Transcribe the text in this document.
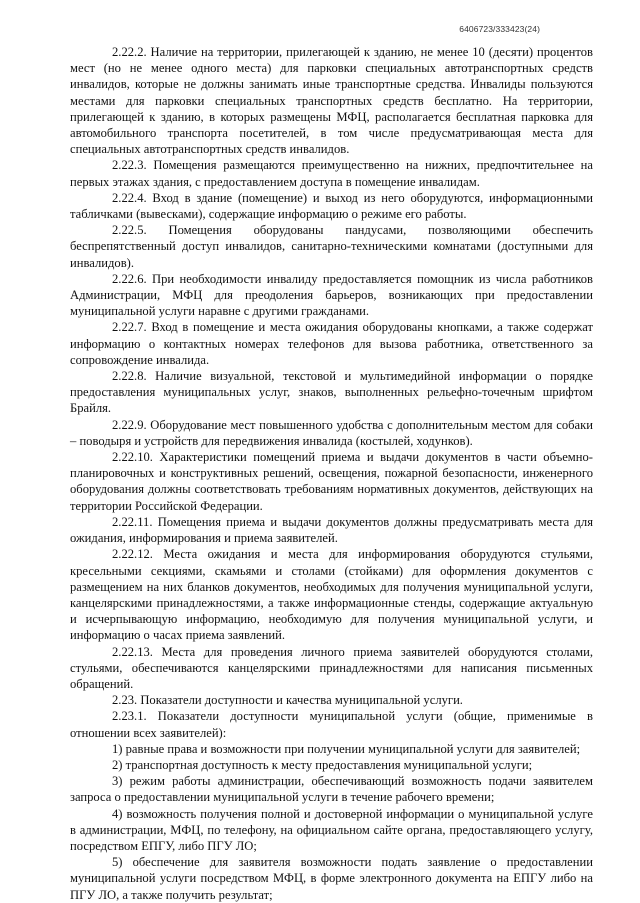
6406723/333423(24)

2.22.2. Наличие на территории, прилегающей к зданию, не менее 10 (десяти) процентов мест (но не менее одного места) для парковки специальных автотранспортных средств инвалидов, которые не должны занимать иные транспортные средства. Инвалиды пользуются местами для парковки специальных транспортных средств бесплатно. На территории, прилегающей к зданию, в которых размещены МФЦ, располагается бесплатная парковка для автомобильного транспорта посетителей, в том числе предусматривающая места для специальных автотранспортных средств инвалидов.

2.22.3. Помещения размещаются преимущественно на нижних, предпочтительнее на первых этажах здания, с предоставлением доступа в помещение инвалидам.

2.22.4. Вход в здание (помещение) и выход из него оборудуются, информационными табличками (вывесками), содержащие информацию о режиме его работы.

2.22.5. Помещения оборудованы пандусами, позволяющими обеспечить беспрепятственный доступ инвалидов, санитарно-техническими комнатами (доступными для инвалидов).

2.22.6. При необходимости инвалиду предоставляется помощник из числа работников Администрации, МФЦ для преодоления барьеров, возникающих при предоставлении муниципальной услуги наравне с другими гражданами.

2.22.7. Вход в помещение и места ожидания оборудованы кнопками, а также содержат информацию о контактных номерах телефонов для вызова работника, ответственного за сопровождение инвалида.

2.22.8. Наличие визуальной, текстовой и мультимедийной информации о порядке предоставления муниципальных услуг, знаков, выполненных рельефно-точечным шрифтом Брайля.

2.22.9. Оборудование мест повышенного удобства с дополнительным местом для собаки – поводыря и устройств для передвижения инвалида (костылей, ходунков).

2.22.10. Характеристики помещений приема и выдачи документов в части объемно-планировочных и конструктивных решений, освещения, пожарной безопасности, инженерного оборудования должны соответствовать требованиям нормативных документов, действующих на территории Российской Федерации.

2.22.11. Помещения приема и выдачи документов должны предусматривать места для ожидания, информирования и приема заявителей.

2.22.12. Места ожидания и места для информирования оборудуются стульями, кресельными секциями, скамьями и столами (стойками) для оформления документов с размещением на них бланков документов, необходимых для получения муниципальной услуги, канцелярскими принадлежностями, а также информационные стенды, содержащие актуальную и исчерпывающую информацию, необходимую для получения муниципальной услуги, и информацию о часах приема заявлений.

2.22.13. Места для проведения личного приема заявителей оборудуются столами, стульями, обеспечиваются канцелярскими принадлежностями для написания письменных обращений.

2.23. Показатели доступности и качества муниципальной услуги.

2.23.1. Показатели доступности муниципальной услуги (общие, применимые в отношении всех заявителей):

1) равные права и возможности при получении муниципальной услуги для заявителей;

2) транспортная доступность к месту предоставления муниципальной услуги;

3) режим работы администрации, обеспечивающий возможность подачи заявителем запроса о предоставлении муниципальной услуги в течение рабочего времени;

4) возможность получения полной и достоверной информации о муниципальной услуге в администрации, МФЦ, по телефону, на официальном сайте органа, предоставляющего услугу, посредством ЕПГУ, либо ПГУ ЛО;

5) обеспечение для заявителя возможности подать заявление о предоставлении муниципальной услуги посредством МФЦ, в форме электронного документа на ЕПГУ либо на ПГУ ЛО, а также получить результат;
